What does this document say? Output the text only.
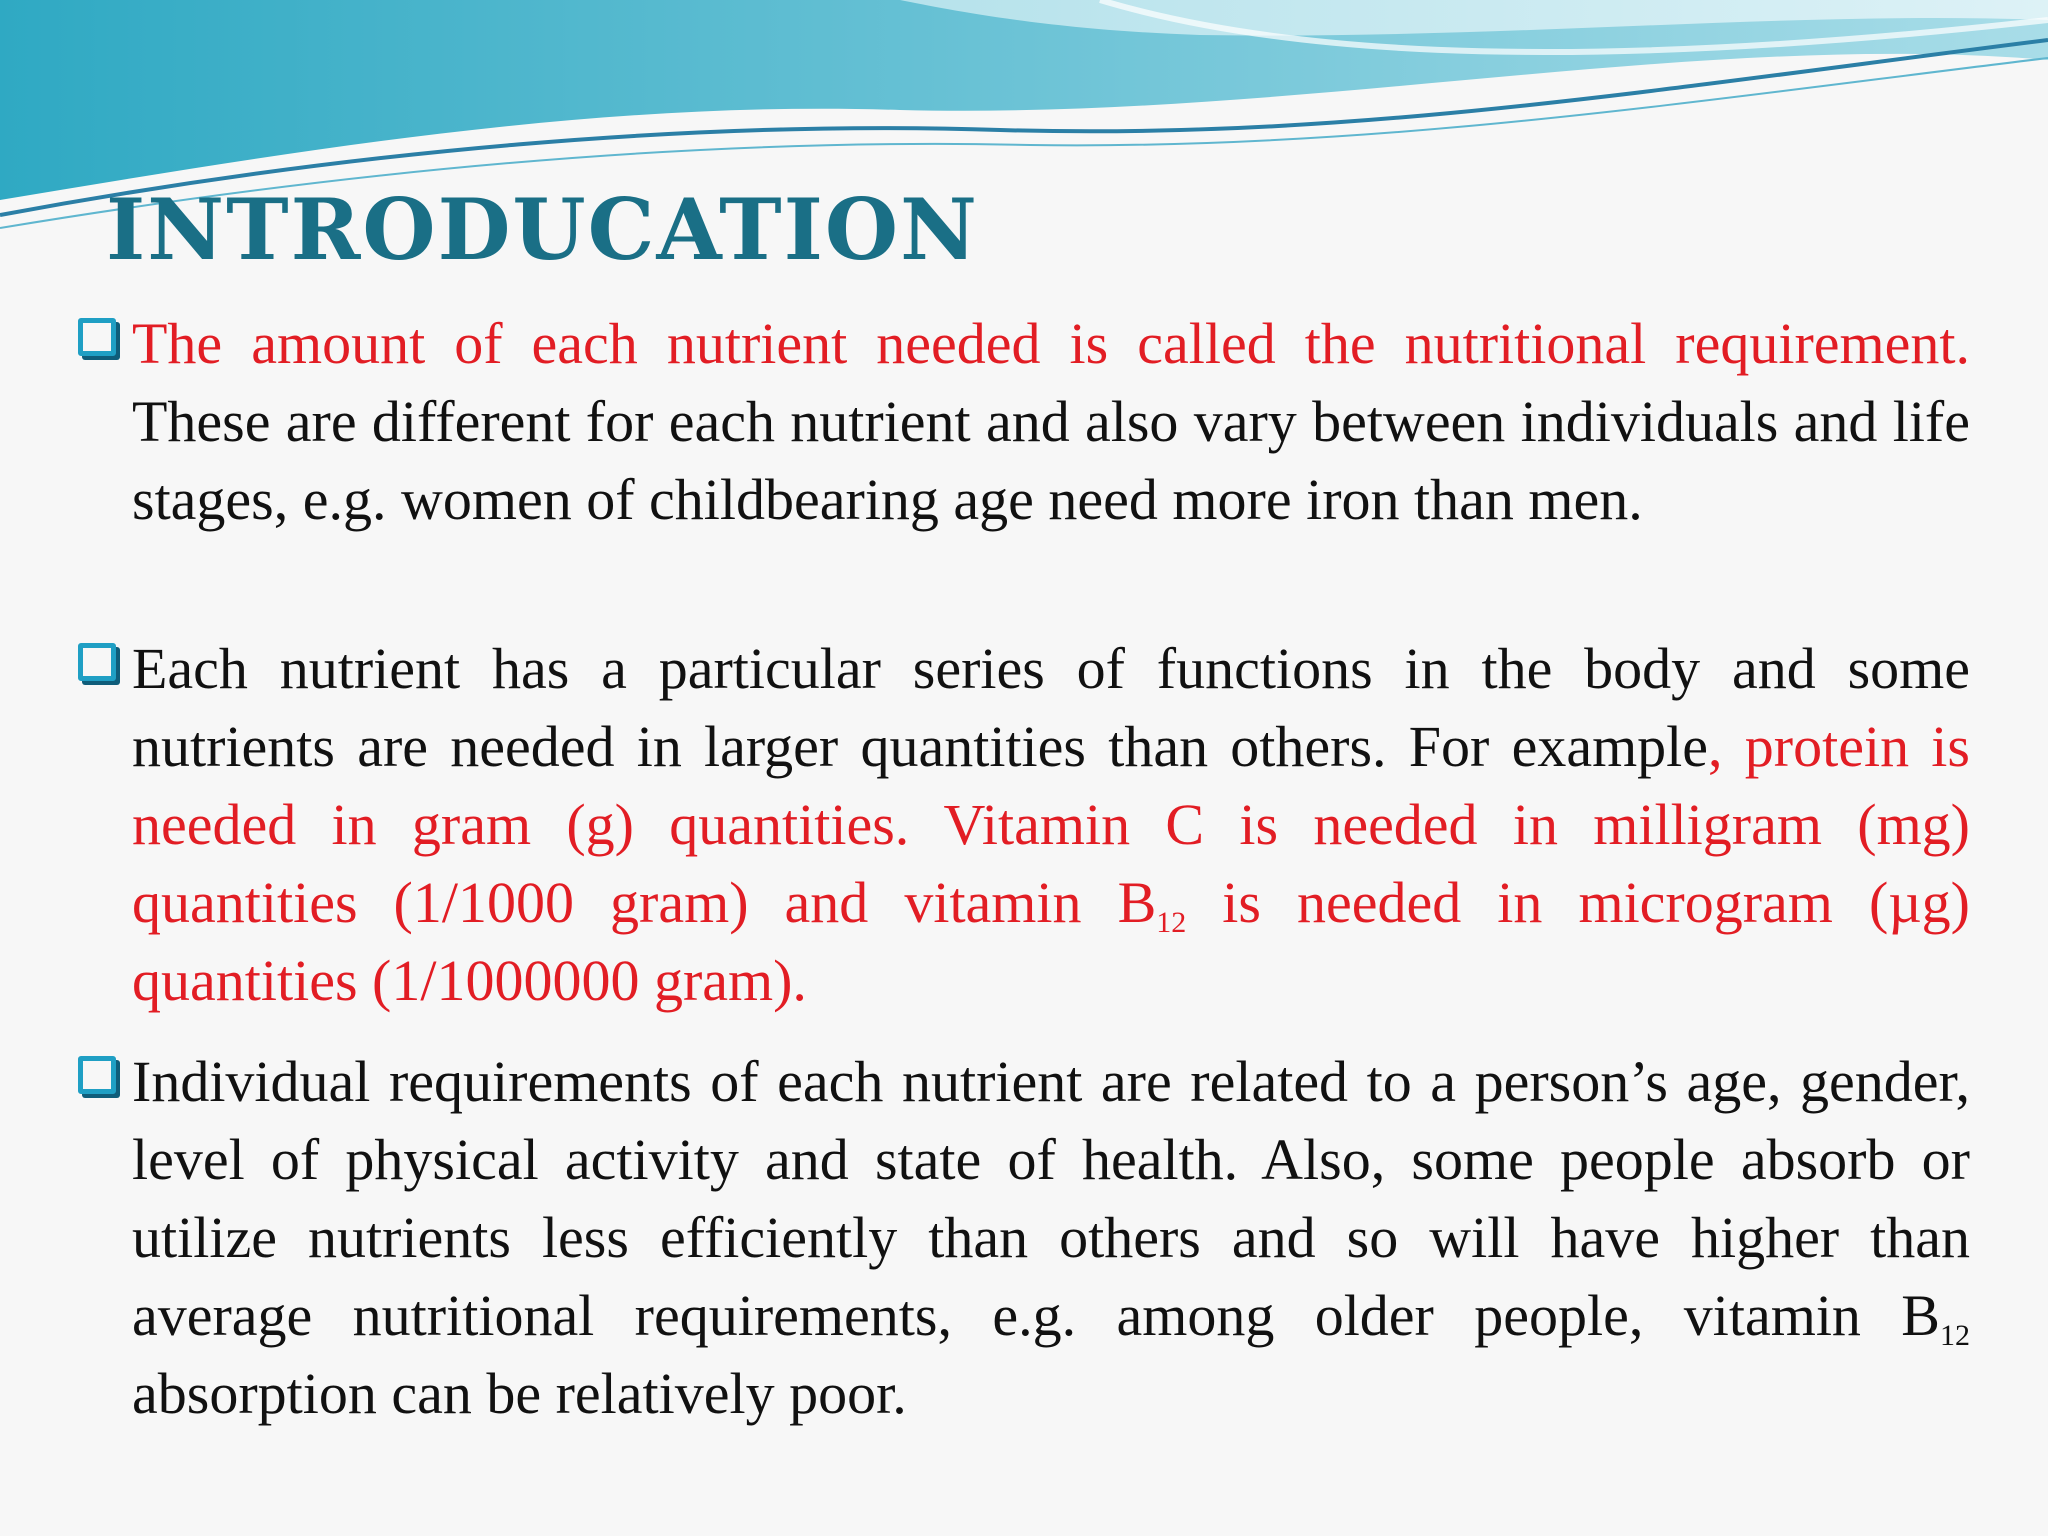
INTRODUCATION
The amount of each nutrient needed is called the nutritional requirement. These are different for each nutrient and also vary between individuals and life stages, e.g. women of childbearing age need more iron than men.
Each nutrient has a particular series of functions in the body and some nutrients are needed in larger quantities than others. For example, protein is needed in gram (g) quantities. Vitamin C is needed in milligram (mg) quantities (1/1000 gram) and vitamin $B_{12}$ is needed in microgram (µg) quantities (1/1000000 gram).
Individual requirements of each nutrient are related to a person’s age, gender, level of physical activity and state of health. Also, some people absorb or utilize nutrients less efficiently than others and so will have higher than average nutritional requirements, e.g. among older people, vitamin $B_{12}$ absorption can be relatively poor.
